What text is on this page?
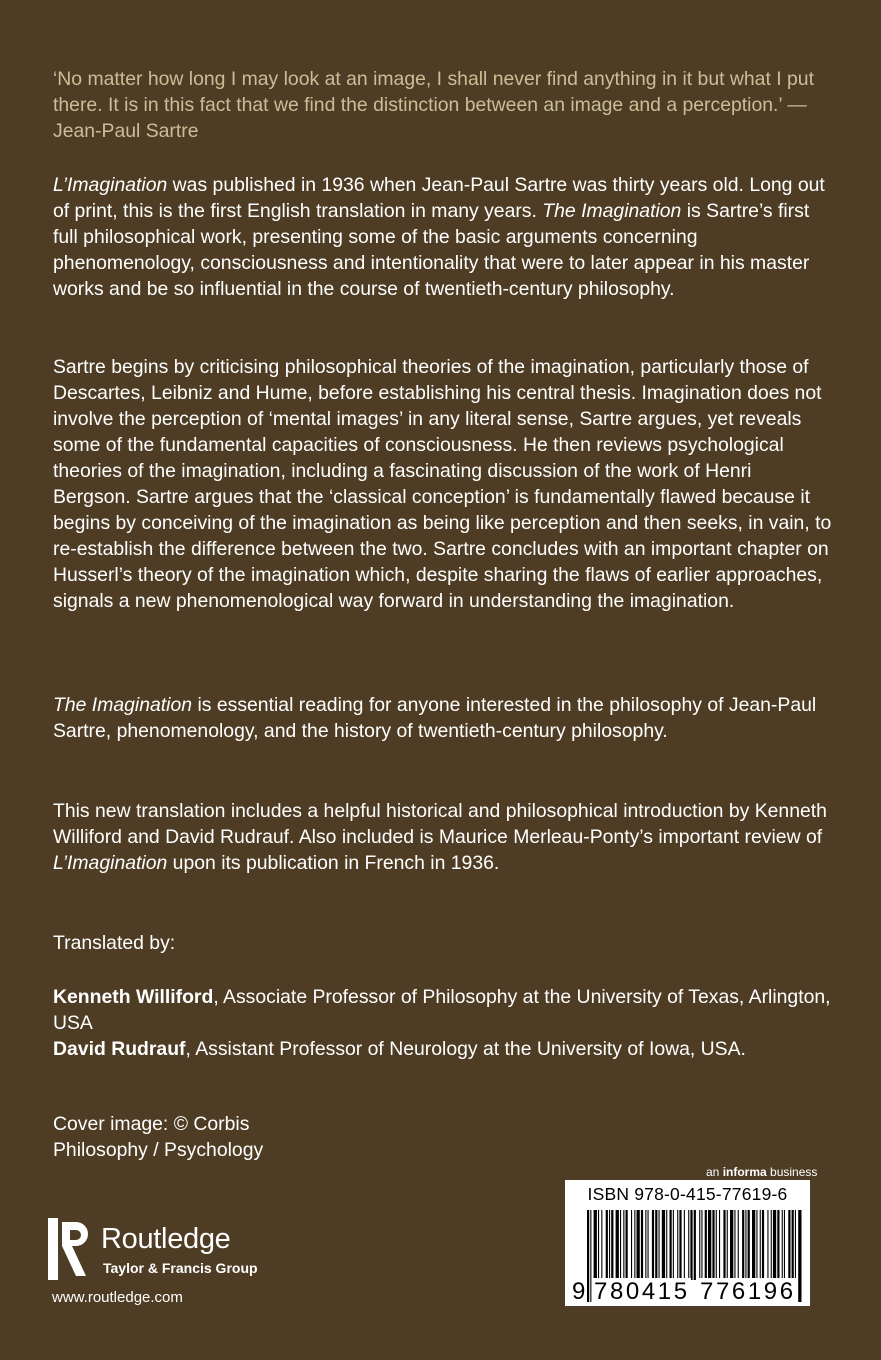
‘No matter how long I may look at an image, I shall never find anything in it but what I put there. It is in this fact that we find the distinction between an image and a perception.’ — Jean-Paul Sartre
L’Imagination was published in 1936 when Jean-Paul Sartre was thirty years old. Long out of print, this is the first English translation in many years. The Imagination is Sartre’s first full philosophical work, presenting some of the basic arguments concerning phenomenology, consciousness and intentionality that were to later appear in his master works and be so influential in the course of twentieth-century philosophy.
Sartre begins by criticising philosophical theories of the imagination, particularly those of Descartes, Leibniz and Hume, before establishing his central thesis. Imagination does not involve the perception of ‘mental images’ in any literal sense, Sartre argues, yet reveals some of the fundamental capacities of consciousness. He then reviews psychological theories of the imagination, including a fascinating discussion of the work of Henri Bergson. Sartre argues that the ‘classical conception’ is fundamentally flawed because it begins by conceiving of the imagination as being like perception and then seeks, in vain, to re-establish the difference between the two. Sartre concludes with an important chapter on Husserl’s theory of the imagination which, despite sharing the flaws of earlier approaches, signals a new phenomenological way forward in understanding the imagination.
The Imagination is essential reading for anyone interested in the philosophy of Jean-Paul Sartre, phenomenology, and the history of twentieth-century philosophy.
This new translation includes a helpful historical and philosophical introduction by Kenneth Williford and David Rudrauf. Also included is Maurice Merleau-Ponty’s important review of L’Imagination upon its publication in French in 1936.
Translated by:
Kenneth Williford, Associate Professor of Philosophy at the University of Texas, Arlington, USA
David Rudrauf, Assistant Professor of Neurology at the University of Iowa, USA.
Cover image: © Corbis
Philosophy / Psychology
an informa business
ISBN 978-0-415-77619-6
9 780415 776196
Routledge
Taylor & Francis Group
www.routledge.com
